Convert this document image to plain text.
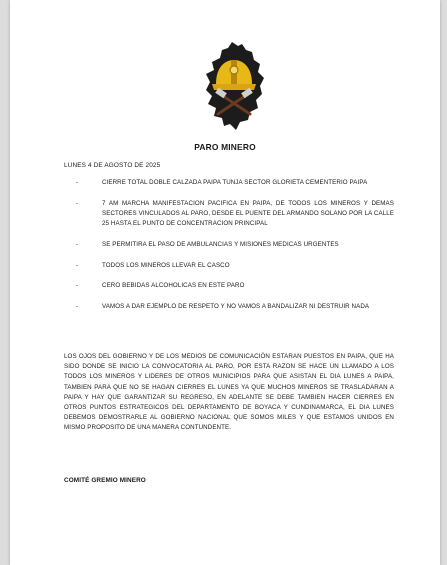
PARO MINERO
LUNES 4 DE AGOSTO DE 2025
-	CIERRE TOTAL DOBLE CALZADA PAIPA TUNJA SECTOR GLORIETA CEMENTERIO PAIPA
-	7 AM MARCHA MANIFESTACION PACIFICA EN PAIPA, DE TODOS LOS MINEROS Y DEMAS SECTORES VINCULADOS AL PARO, DESDE EL PUENTE DEL ARMANDO SOLANO POR LA CALLE 25 HASTA EL PUNTO DE CONCENTRACION PRINCIPAL
-	SE PERMITIRA EL PASO DE AMBULANCIAS Y MISIONES MEDICAS URGENTES
-	TODOS LOS MINEROS LLEVAR EL CASCO
-	CERO BEBIDAS ALCOHOLICAS EN ESTE PARO
-	VAMOS A DAR EJEMPLO DE RESPETO Y NO VAMOS A BANDALIZAR NI DESTRUIR NADA

LOS OJOS DEL GOBIERNO Y DE LOS MEDIOS DE COMUNICACIÓN ESTARAN PUESTOS EN PAIPA, QUE HA SIDO DONDE SE INICIO LA CONVOCATORIA AL PARO, POR ESTA RAZON SE HACE UN LLAMADO A LOS TODOS LOS MINEROS Y LIDERES DE OTROS MUNICIPIOS PARA QUE ASISTAN EL DIA LUNES A PAIPA, TAMBIEN PARA QUE NO SE HAGAN CIERRES EL LUNES YA QUE MUCHOS MINEROS SE TRASLADARAN A PAIPA Y HAY QUE GARANTIZAR SU REGRESO, EN ADELANTE SE DEBE TAMBIEN HACER CIERRES EN OTROS PUNTOS ESTRATEGICOS DEL DEPARTAMENTO DE BOYACA Y CUNDINAMARCA, EL DIA LUNES DEBEMOS DEMOSTRARLE AL GOBIERNO NACIONAL QUE SOMOS MILES Y QUE ESTAMOS UNIDOS EN MISMO PROPOSITO DE UNA MANERA CONTUNDENTE.

COMITÉ GREMIO MINERO
